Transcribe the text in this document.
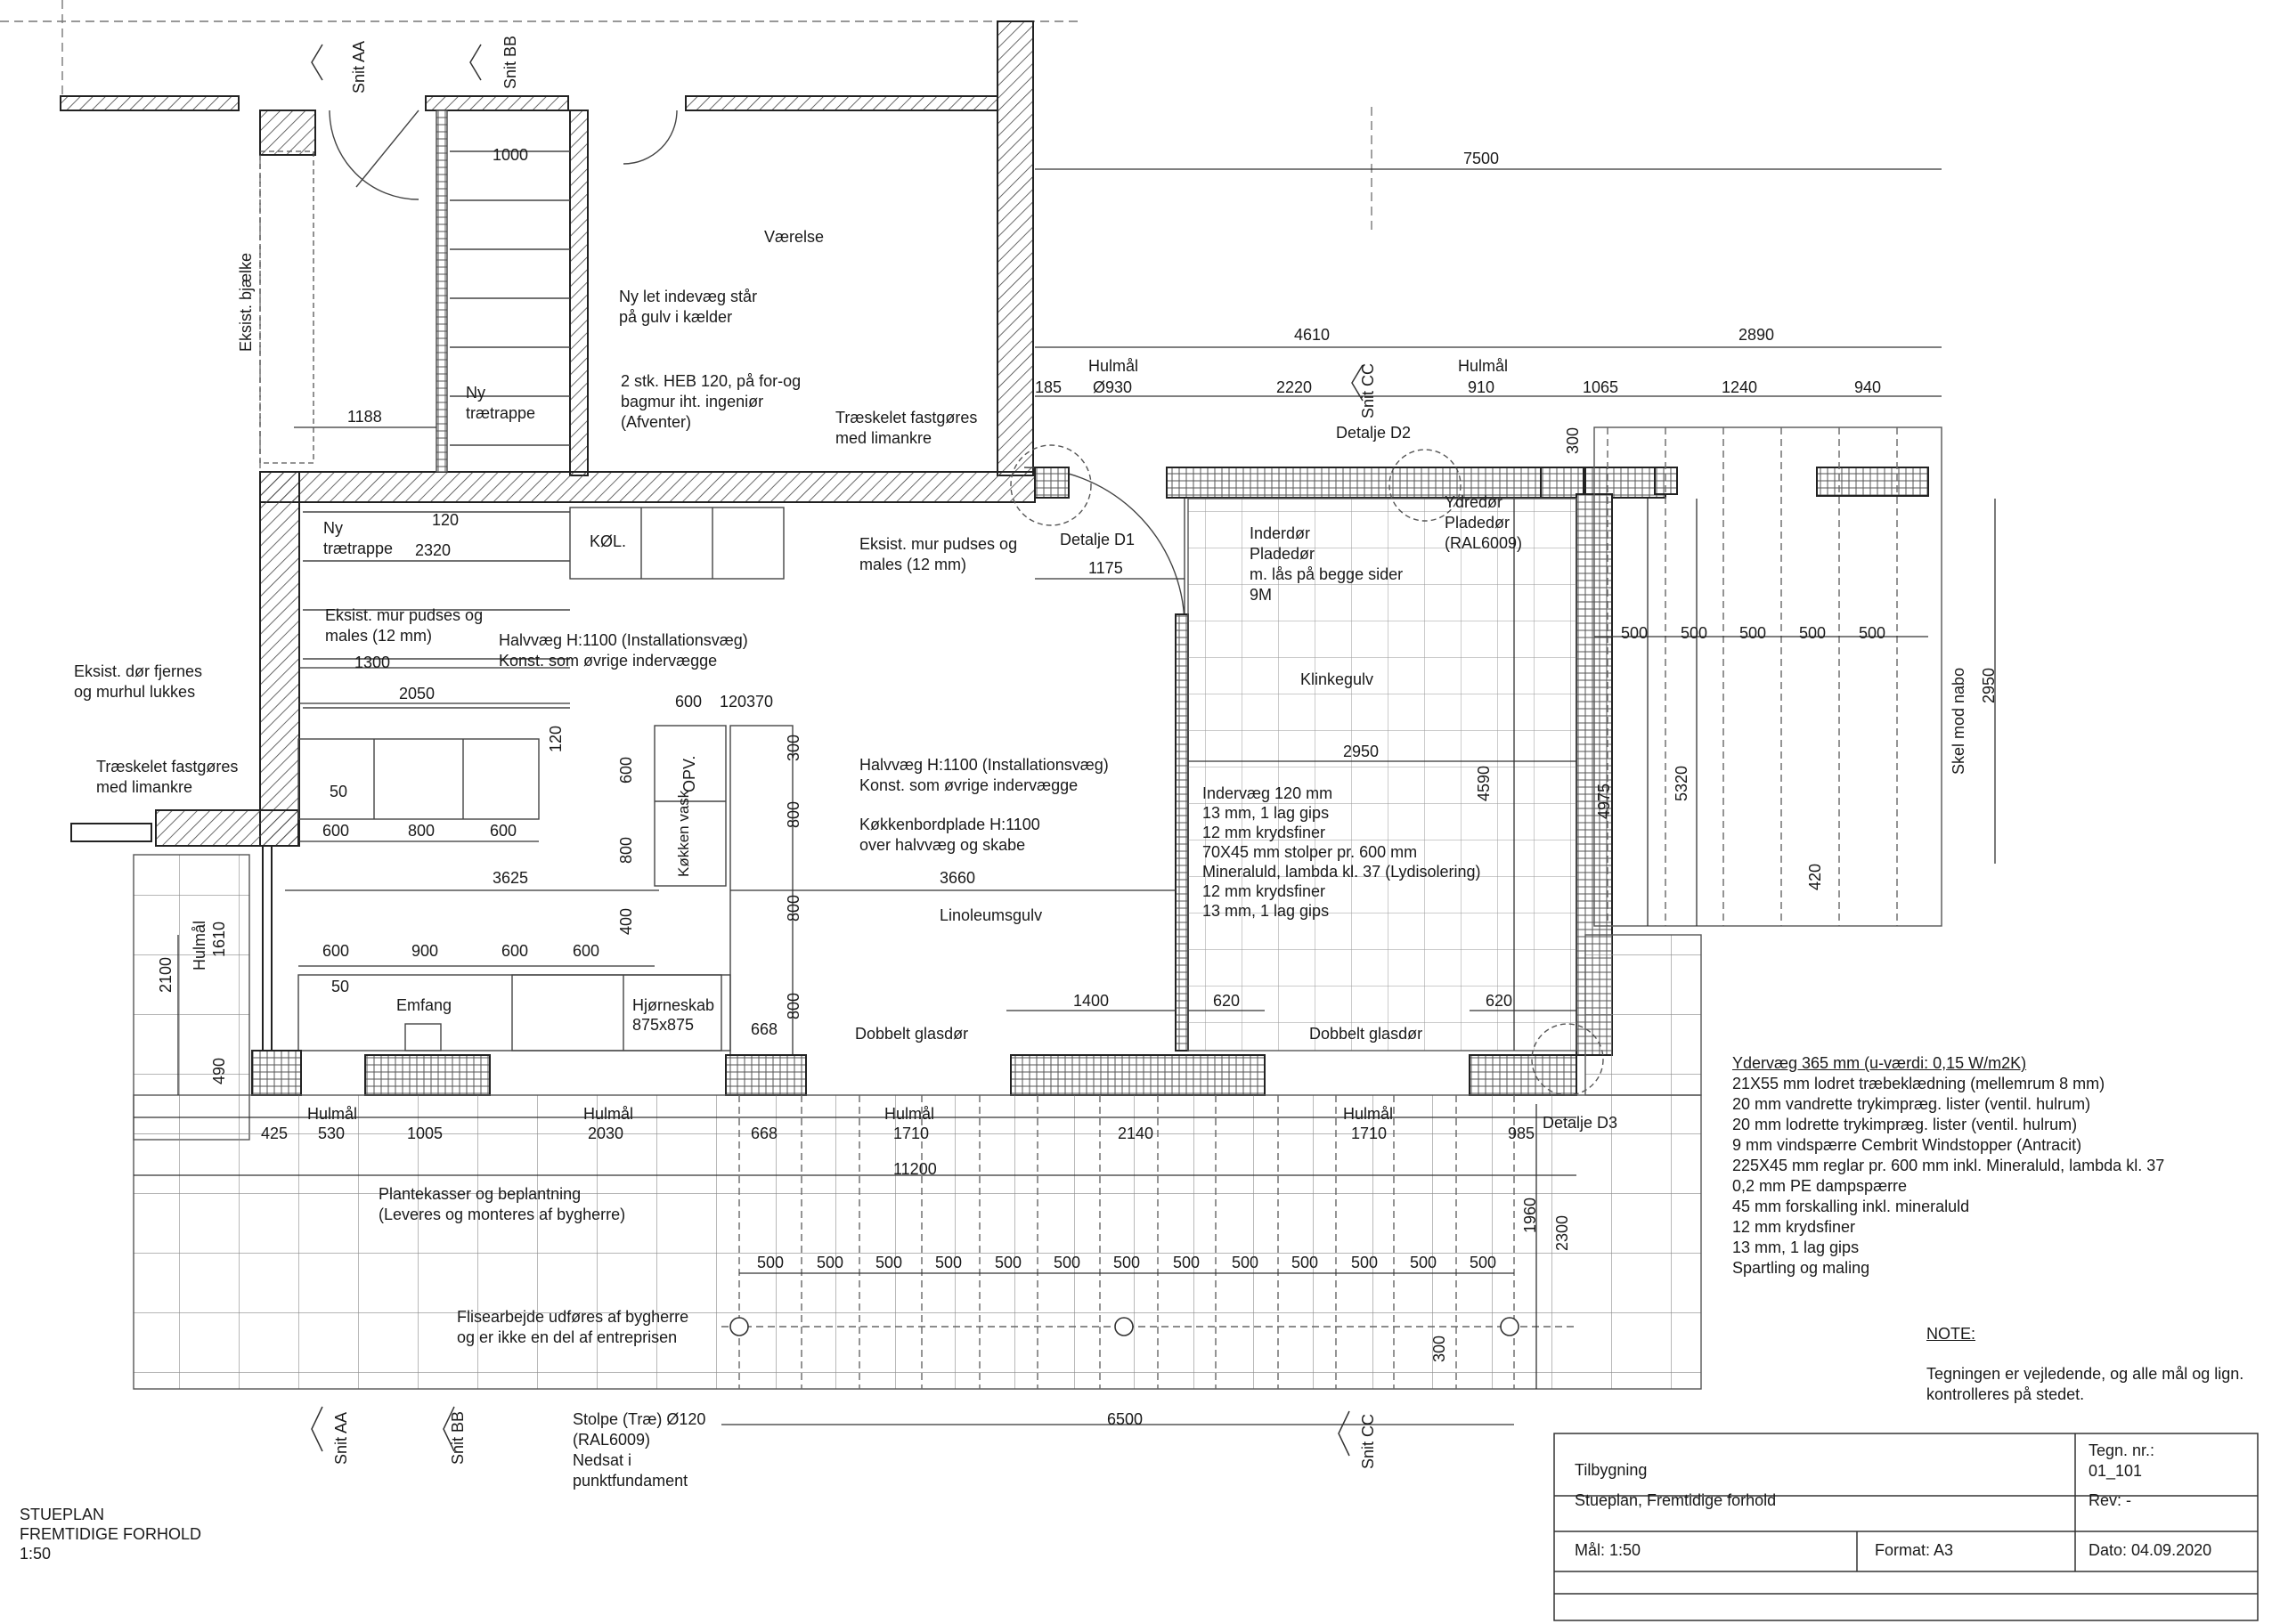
Snit AA	Snit BB
Snit CC
Snit AA	Snit BB	Snit CC
Værelse
Klinkegulv
Linoleumsgulv
Emfang
KØL.
OPV.
Køkken vask
Hjørneskab
875x875
Eksist. bjælke	Ny let indevæg står
på gulv i kælder
2 stk. HEB 120, på for-og
bagmur iht. ingeniør
(Afventer)
Ny
trætrappe
Ny
trætrappe
Træskelet fastgøres
med limankre
Træskelet fastgøres
med limankre
Eksist. mur pudses og
males (12 mm)
Eksist. mur pudses og
males (12 mm)
Eksist. dør fjernes
og murhul lukkes
Halvvæg H:1100 (Installationsvæg)
Konst. som øvrige indervægge
Halvvæg H:1100 (Installationsvæg)
Konst. som øvrige indervægge
Køkkenbordplade H:1100
over halvvæg og skabe
Inderdør
Pladedør
m. lås på begge sider
9M
Ydredør
Pladedør
(RAL6009)
Detalje D1
Detalje D2
Detalje D3
Indervæg 120 mm
13 mm, 1 lag gips
12 mm krydsfiner
70X45 mm stolper pr. 600 mm
Mineraluld, lambda kl. 37 (Lydisolering)
12 mm krydsfiner
13 mm, 1 lag gips
Dobbelt glasdør	Dobbelt glasdør
Hulmål
Ø930
Hulmål
910
Hulmål 1610
Hulmål
530
Hulmål
2030
Hulmål
1710
Hulmål
1710
Plantekasser og beplantning
(Leveres og monteres af bygherre)
Flisearbejde udføres af bygherre
og er ikke en del af entreprisen
Stolpe (Træ) Ø120
(RAL6009)
Nedsat i
punktfundament
Skel mod nabo
1000	7500
4610	2890
185	2220	1065	1240	940
1188
120
2320
1175
300
1300
2050	600 120 370
120	300
600
800
50
600	800	600
800
3625	3660
400	800
600	900	600	600
50
2100
490
668
800	1400	620	620
2950
4590	4975	5320
420
2950
500 500 500 500 500
425	1005	668	2140	985
11200
500 500 500 500 500 500 500 500 500 500 500 500 500
1960 2300
300
6500
Ydervæg 365 mm (u-værdi: 0,15 W/m2K)
21X55 mm lodret træbeklædning (mellemrum 8 mm)
20 mm vandrette trykimpræg. lister (ventil. hulrum)
20 mm lodrette trykimpræg. lister (ventil. hulrum)
9 mm vindspærre Cembrit Windstopper (Antracit)
225X45 mm reglar pr. 600 mm inkl. Mineraluld, lambda kl. 37
0,2 mm PE dampspærre
45 mm forskalling inkl. mineraluld
12 mm krydsfiner
13 mm, 1 lag gips
Spartling og maling
NOTE:
Tegningen er vejledende, og alle mål og lign.
kontrolleres på stedet.
STUEPLAN
FREMTIDIGE FORHOLD
1:50
Tilbygning
Stueplan, Fremtidige forhold
Tegn. nr.:
01_101
Rev: -
Mål: 1:50	Format: A3	Dato: 04.09.2020
